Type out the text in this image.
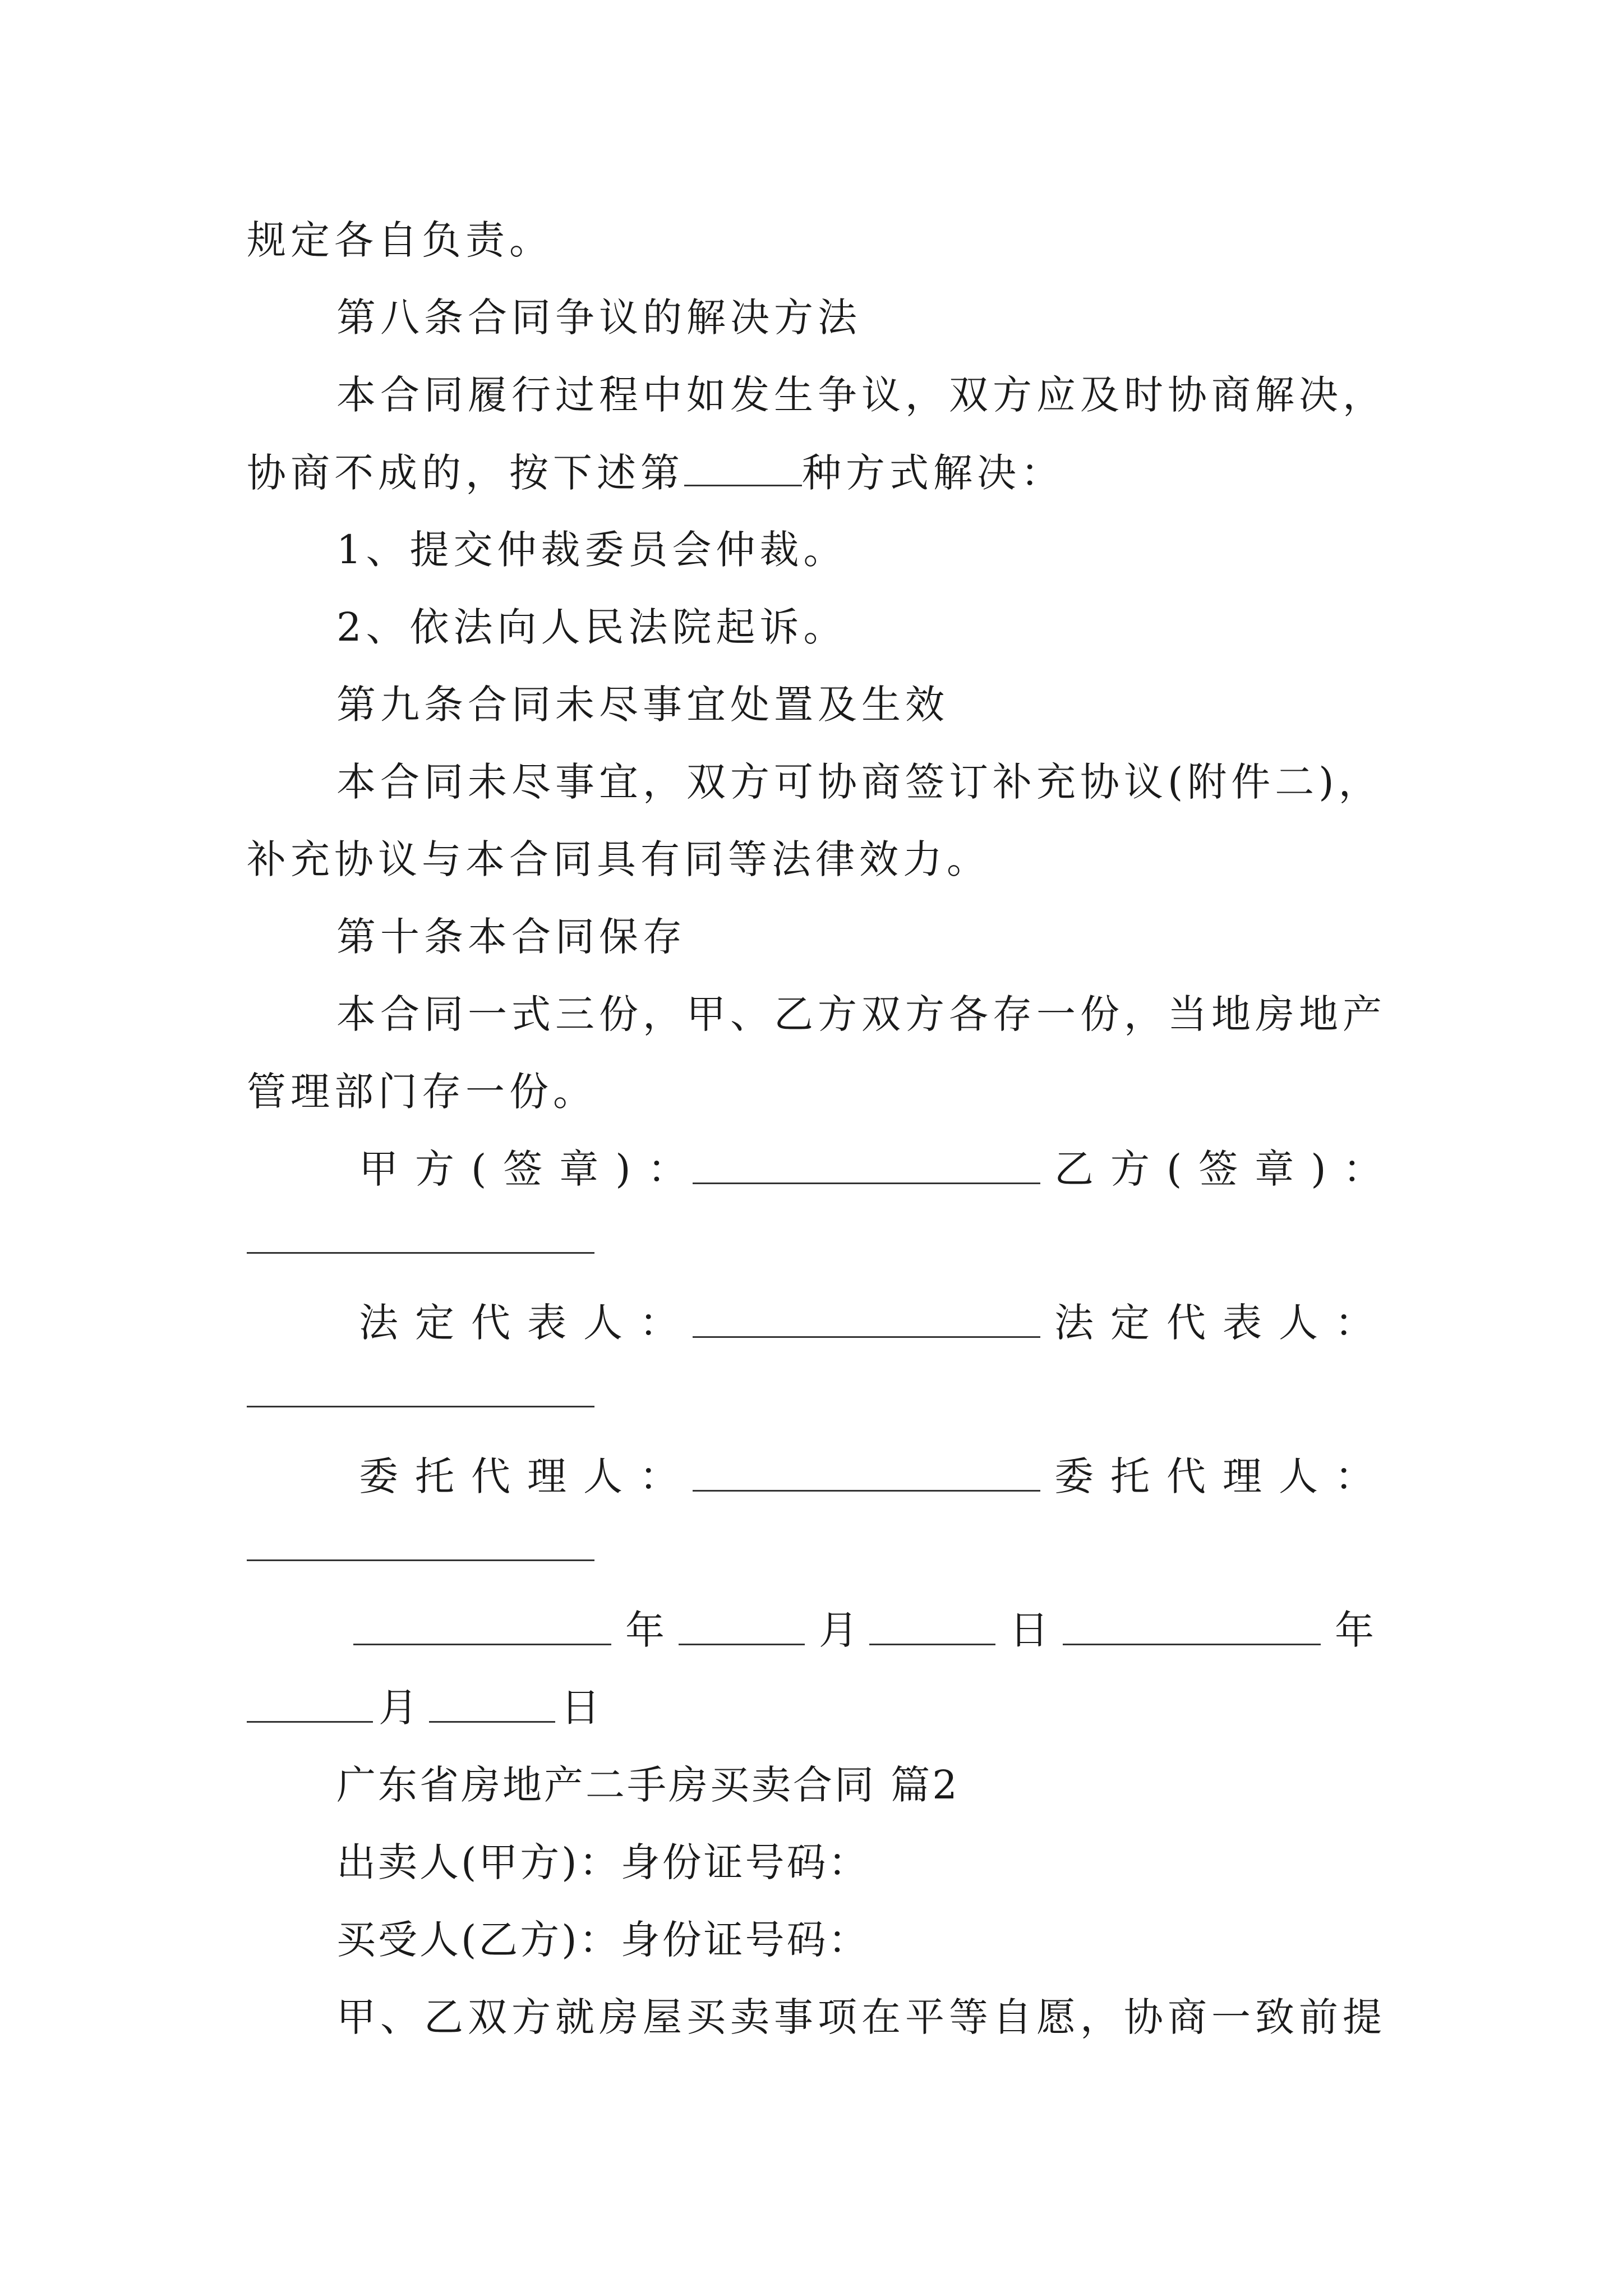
规定各自负责。
第八条合同争议的解决方法
本合同履行过程中如发生争议，双方应及时协商解决，
协商不成的，按下述第	种方式解决：
1、提交仲裁委员会仲裁。
2、依法向人民法院起诉。
第九条合同未尽事宜处置及生效
本合同未尽事宜，双方可协商签订补充协议(附件二)，
补充协议与本合同具有同等法律效力。
第十条本合同保存
本合同一式三份，甲、乙方双方各存一份，当地房地产
管理部门存一份。
甲方(签章)：	乙方(签章)：
法定代表人：	法定代表人：
委托代理人：	委托代理人：
年	月	日	年
月	日
广东省房地产二手房买卖合同 篇2
出卖人(甲方)：身份证号码：
买受人(乙方)：身份证号码：
甲、乙双方就房屋买卖事项在平等自愿，协商一致前提
